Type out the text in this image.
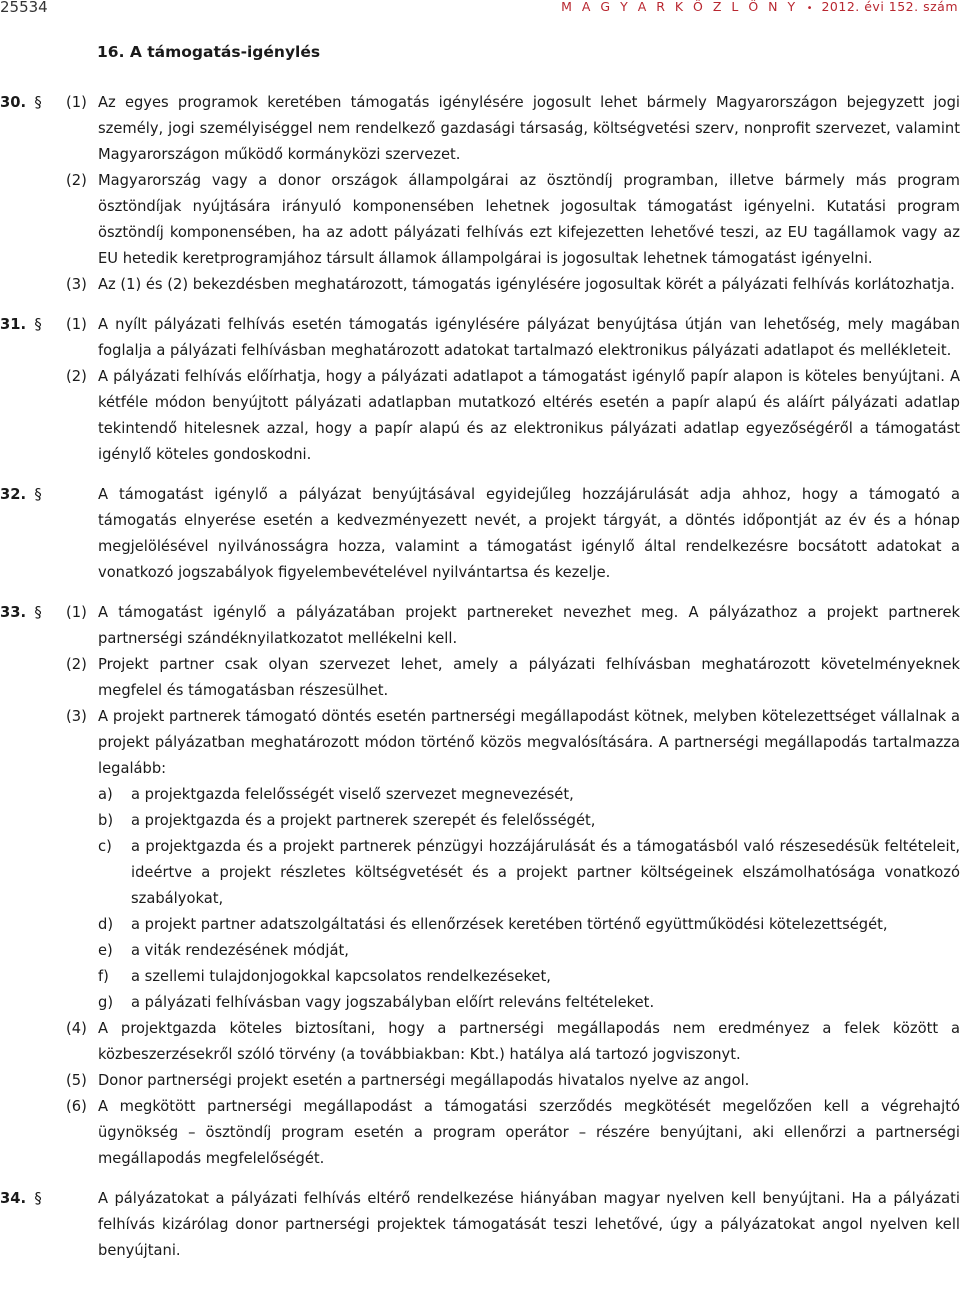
25534	M A G Y A R K Ö Z L Ö N Y • 2012. évi 152. szám
16. A támogatás-igénylés
30. § (1) Az egyes programok keretében támogatás igénylésére jogosult lehet bármely Magyarországon bejegyzett jogi személy, jogi személyiséggel nem rendelkező gazdasági társaság, költségvetési szerv, nonprofit szervezet, valamint Magyarországon működő kormányközi szervezet.
(2) Magyarország vagy a donor országok állampolgárai az ösztöndíj programban, illetve bármely más program ösztöndíjak nyújtására irányuló komponensében lehetnek jogosultak támogatást igényelni. Kutatási program ösztöndíj komponensében, ha az adott pályázati felhívás ezt kifejezetten lehetővé teszi, az EU tagállamok vagy az EU hetedik keretprogramjához társult államok állampolgárai is jogosultak lehetnek támogatást igényelni.
(3) Az (1) és (2) bekezdésben meghatározott, támogatás igénylésére jogosultak körét a pályázati felhívás korlátozhatja.
31. § (1) A nyílt pályázati felhívás esetén támogatás igénylésére pályázat benyújtása útján van lehetőség, mely magában foglalja a pályázati felhívásban meghatározott adatokat tartalmazó elektronikus pályázati adatlapot és mellékleteit.
(2) A pályázati felhívás előírhatja, hogy a pályázati adatlapot a támogatást igénylő papír alapon is köteles benyújtani. A kétféle módon benyújtott pályázati adatlapban mutatkozó eltérés esetén a papír alapú és aláírt pályázati adatlap tekintendő hitelesnek azzal, hogy a papír alapú és az elektronikus pályázati adatlap egyezőségéről a támogatást igénylő köteles gondoskodni.
32. §	A támogatást igénylő a pályázat benyújtásával egyidejűleg hozzájárulását adja ahhoz, hogy a támogató a támogatás elnyerése esetén a kedvezményezett nevét, a projekt tárgyát, a döntés időpontját az év és a hónap megjelölésével nyilvánosságra hozza, valamint a támogatást igénylő által rendelkezésre bocsátott adatokat a vonatkozó jogszabályok figyelembevételével nyilvántartsa és kezelje.
33. § (1) A támogatást igénylő a pályázatában projekt partnereket nevezhet meg. A pályázathoz a projekt partnerek partnerségi szándéknyilatkozatot mellékelni kell.
(2) Projekt partner csak olyan szervezet lehet, amely a pályázati felhívásban meghatározott követelményeknek megfelel és támogatásban részesülhet.
(3) A projekt partnerek támogató döntés esetén partnerségi megállapodást kötnek, melyben kötelezettséget vállalnak a projekt pályázatban meghatározott módon történő közös megvalósítására. A partnerségi megállapodás tartalmazza legalább:
a) a projektgazda felelősségét viselő szervezet megnevezését,
b) a projektgazda és a projekt partnerek szerepét és felelősségét,
c) a projektgazda és a projekt partnerek pénzügyi hozzájárulását és a támogatásból való részesedésük feltételeit, ideértve a projekt részletes költségvetését és a projekt partner költségeinek elszámolhatósága vonatkozó szabályokat,
d) a projekt partner adatszolgáltatási és ellenőrzések keretében történő együttműködési kötelezettségét,
e) a viták rendezésének módját,
f) a szellemi tulajdonjogokkal kapcsolatos rendelkezéseket,
g) a pályázati felhívásban vagy jogszabályban előírt releváns feltételeket.
(4) A projektgazda köteles biztosítani, hogy a partnerségi megállapodás nem eredményez a felek között a közbeszerzésekről szóló törvény (a továbbiakban: Kbt.) hatálya alá tartozó jogviszonyt.
(5) Donor partnerségi projekt esetén a partnerségi megállapodás hivatalos nyelve az angol.
(6) A megkötött partnerségi megállapodást a támogatási szerződés megkötését megelőzően kell a végrehajtó ügynökség – ösztöndíj program esetén a program operátor – részére benyújtani, aki ellenőrzi a partnerségi megállapodás megfelelőségét.
34. §	A pályázatokat a pályázati felhívás eltérő rendelkezése hiányában magyar nyelven kell benyújtani. Ha a pályázati felhívás kizárólag donor partnerségi projektek támogatását teszi lehetővé, úgy a pályázatokat angol nyelven kell benyújtani.
